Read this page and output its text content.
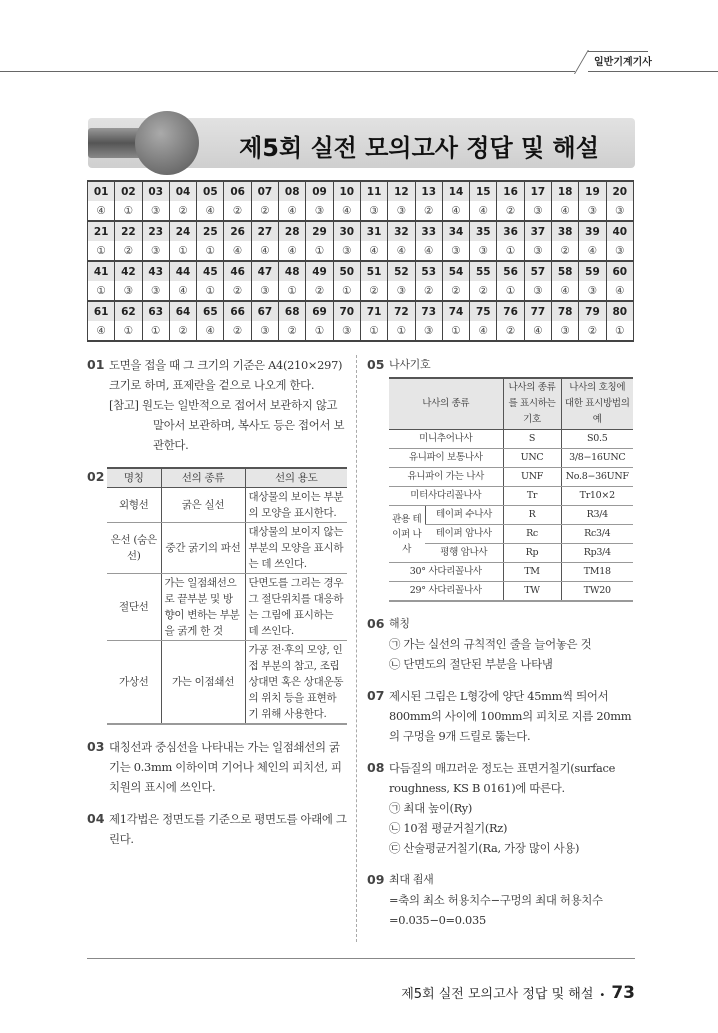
일반기계기사
제5회 실전 모의고사 정답 및 해설
01	02	03	04	05	06	07	08	09	10	11	12	13	14	15	16	17	18	19	20
④	①	③	②	④	②	②	④	③	④	③	③	②	④	④	②	③	④	③	③
21	22	23	24	25	26	27	28	29	30	31	32	33	34	35	36	37	38	39	40
①	②	③	①	①	④	④	④	①	③	④	④	④	③	③	①	③	②	④	③
41	42	43	44	45	46	47	48	49	50	51	52	53	54	55	56	57	58	59	60
①	③	③	④	①	②	③	①	②	①	②	③	②	②	②	①	③	④	③	④
61	62	63	64	65	66	67	68	69	70	71	72	73	74	75	76	77	78	79	80
④	①	①	②	④	②	③	②	①	③	①	①	③	①	④	②	④	③	②	①
01 도면을 접을 때 그 크기의 기준은 A4(210×297) 크기로 하며, 표제란을 겉으로 나오게 한다.
[참고] 원도는 일반적으로 접어서 보관하지 않고 말아서 보관하며, 복사도 등은 접어서 보관한다.
02 명칭	선의 종류	선의 용도
외형선	굵은 실선	대상물의 보이는 부분의 모양을 표시한다.
은선 (숨은선)	중간 굵기의 파선	대상물의 보이지 않는 부분의 모양을 표시하는 데 쓰인다.
절단선	가는 일점쇄선으로 끝부분 및 방향이 변하는 부분을 굵게 한 것	단면도를 그리는 경우 그 절단위치를 대응하는 그림에 표시하는 데 쓰인다.
가상선	가는 이점쇄선	가공 전·후의 모양, 인접 부분의 참고, 조립상대면 혹은 상대운동의 위치 등을 표현하기 위해 사용한다.
03 대칭선과 중심선을 나타내는 가는 일점쇄선의 굵기는 0.3mm 이하이며 기어나 체인의 피치선, 피치원의 표시에 쓰인다.
04 제1각법은 정면도를 기준으로 평면도를 아래에 그린다.
05 나사기호
나사의 종류		나사의 종류를 표시하는 기호	나사의 호칭에 대한 표시방법의 예
미니추어나사		S	S0.5
유니파이 보통나사		UNC	3/8−16UNC
유니파이 가는 나사		UNF	No.8−36UNF
미터사다리꼴나사		Tr	Tr10×2
관용 테이퍼 나사	테이퍼 수나사	R	R3/4
	테이퍼 암나사	Rc	Rc3/4
	평행 암나사	Rp	Rp3/4
30° 사다리꼴나사		TM	TM18
29° 사다리꼴나사		TW	TW20
06 해칭
㉠ 가는 실선의 규칙적인 줄을 늘어놓은 것
㉡ 단면도의 절단된 부분을 나타냄
07 제시된 그림은 L형강에 양단 45mm씩 띄어서 800mm의 사이에 100mm의 피치로 지름 20mm의 구멍을 9개 드릴로 뚫는다.
08 다듬질의 매끄러운 정도는 표면거칠기(surface roughness, KS B 0161)에 따른다.
㉠ 최대 높이(Ry)
㉡ 10점 평균거칠기(Rz)
㉢ 산술평균거칠기(Ra, 가장 많이 사용)
09 최대 죔새
=축의 최소 허용치수−구멍의 최대 허용치수
=0.035−0=0.035
제5회 실전 모의고사 정답 및 해설 • 73
